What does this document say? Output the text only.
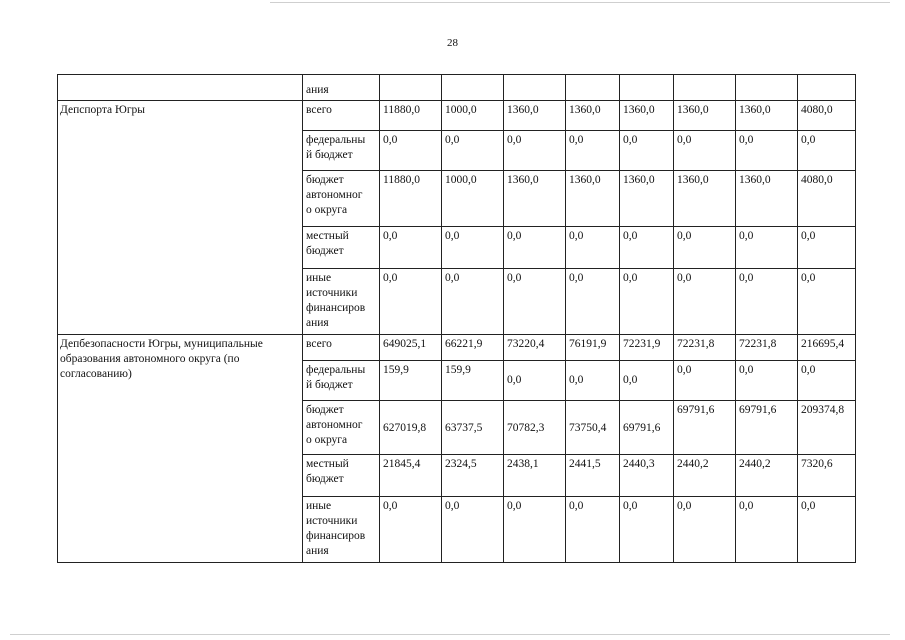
28
	ания								
Депспорта Югры	всего	11880,0	1000,0	1360,0	1360,0	1360,0	1360,0	1360,0	4080,0

	федеральны
й бюджет	0,0	0,0	0,0	0,0	0,0	0,0	0,0	0,0

	бюджет
автономног
о округа	11880,0	1000,0	1360,0	1360,0	1360,0	1360,0	1360,0	4080,0

	местный
бюджет	0,0	0,0	0,0	0,0	0,0	0,0	0,0	0,0

	иные
источники
финансиров
ания	0,0	0,0	0,0	0,0	0,0	0,0	0,0	0,0

Депбезопасности Югры, муниципальные образования автономного округа (по согласованию)	всего	649025,1	66221,9	73220,4	76191,9	72231,9	72231,8	72231,8	216695,4

	федеральны
й бюджет	159,9	159,9	0,0	0,0	0,0	0,0	0,0	0,0

	бюджет
автономног
о округа	627019,8	63737,5	70782,3	73750,4	69791,6	69791,6	69791,6	209374,8

	местный
бюджет	21845,4	2324,5	2438,1	2441,5	2440,3	2440,2	2440,2	7320,6

	иные
источники
финансиров
ания	0,0	0,0	0,0	0,0	0,0	0,0	0,0	0,0
